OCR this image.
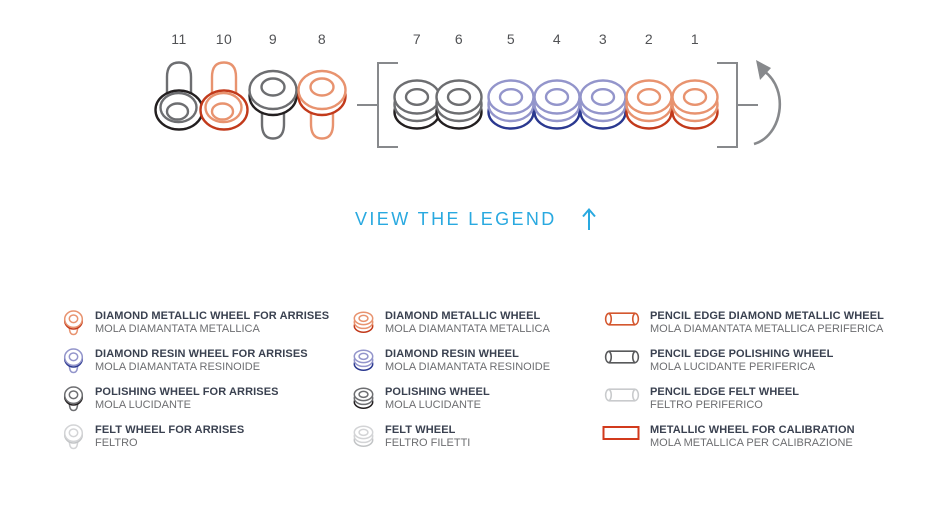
11	10	9	8	7	6	5	4	3	2	1
VIEW THE LEGEND
DIAMOND METALLIC WHEEL FOR ARRISES
MOLA DIAMANTATA METALLICA
DIAMOND RESIN WHEEL FOR ARRISES
MOLA DIAMANTATA RESINOIDE
POLISHING WHEEL FOR ARRISES
MOLA LUCIDANTE
FELT WHEEL FOR ARRISES
FELTRO
DIAMOND METALLIC WHEEL
MOLA DIAMANTATA METALLICA
DIAMOND RESIN WHEEL
MOLA DIAMANTATA RESINOIDE
POLISHING WHEEL
MOLA LUCIDANTE
FELT WHEEL
FELTRO FILETTI
PENCIL EDGE DIAMOND METALLIC WHEEL
MOLA DIAMANTATA METALLICA PERIFERICA
PENCIL EDGE POLISHING WHEEL
MOLA LUCIDANTE PERIFERICA
PENCIL EDGE FELT WHEEL
FELTRO PERIFERICO
METALLIC WHEEL FOR CALIBRATION
MOLA METALLICA PER CALIBRAZIONE
